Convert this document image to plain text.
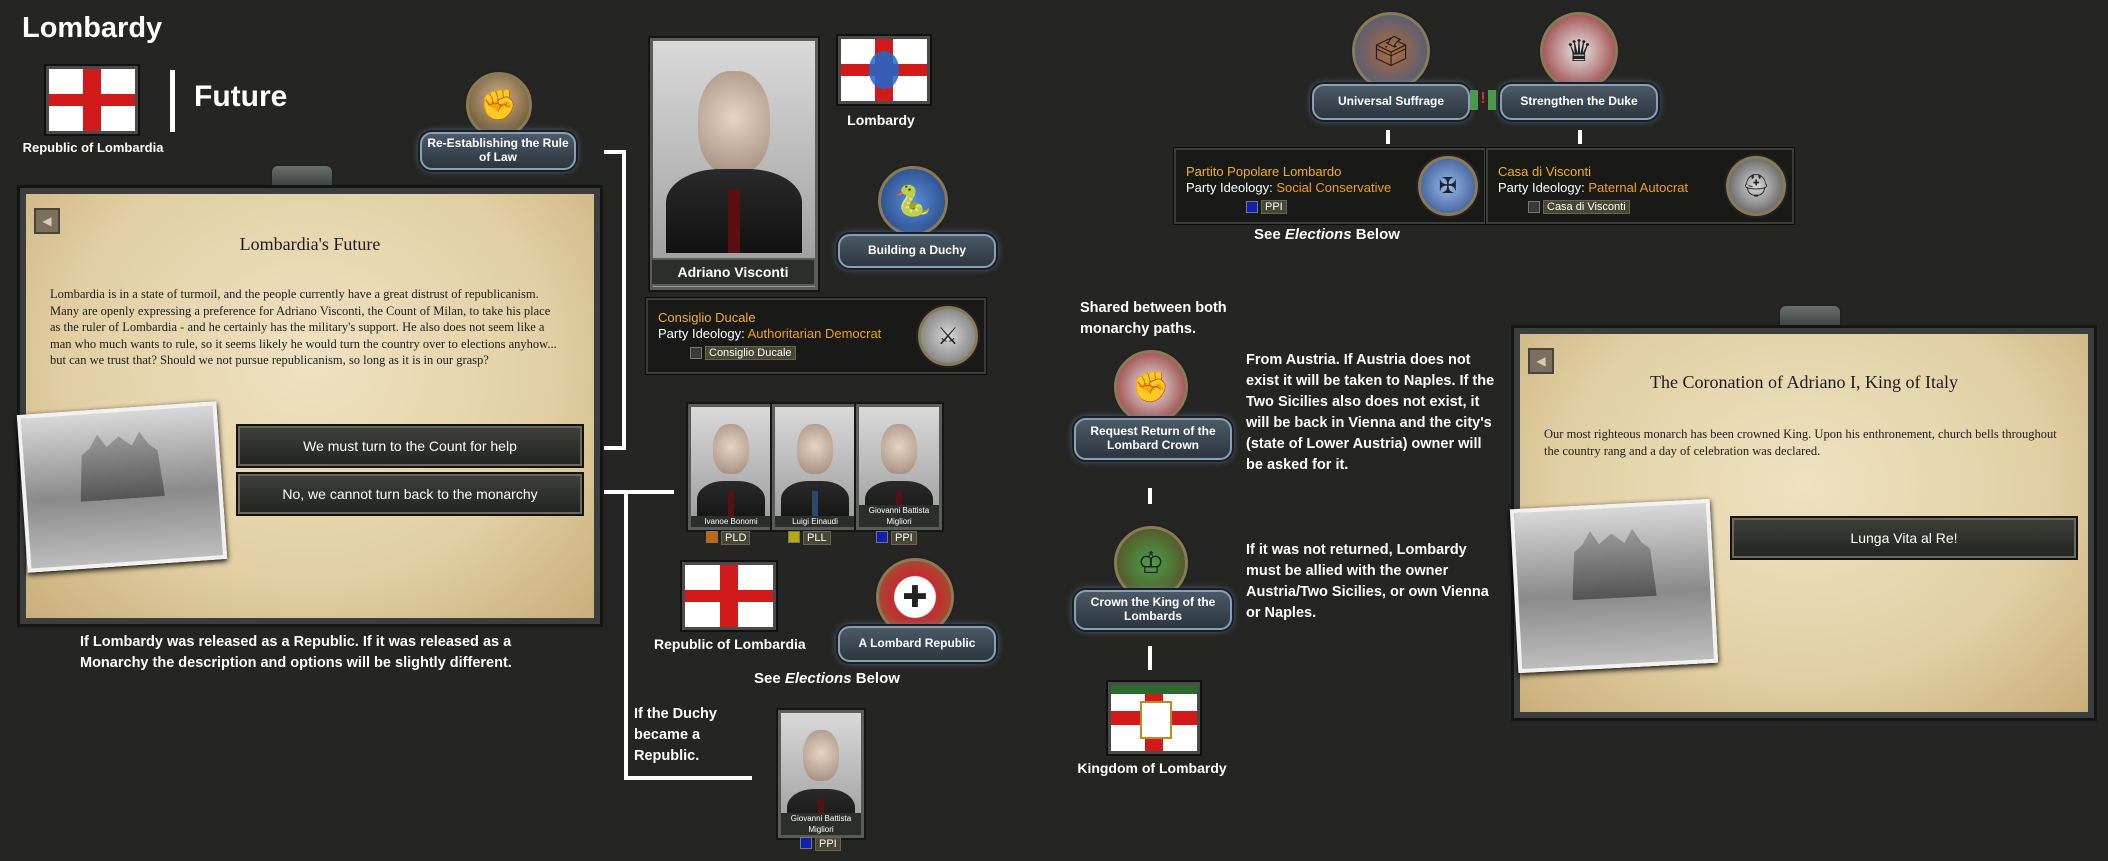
Lombardy
Republic of Lombardia
Future	✊
Re-Establishing the Rule of Law
◀
Lombardia's Future
Lombardia is in a state of turmoil, and the people currently have a great distrust of republicanism. Many are openly expressing a preference for Adriano Visconti, the Count of Milan, to take his place as the ruler of Lombardia - and he certainly has the military's support. He also does not seem like a man who much wants to rule, so it seems likely he would turn the country over to elections anyhow... but can we trust that? Should we not pursue republicanism, so long as it is in our grasp?
We must turn to the Count for help
No, we cannot turn back to the monarchy
If Lombardy was released as a Republic. If it was released as a Monarchy the description and options will be slightly different.
Adriano Visconti
Lombardy
🐍
Building a Duchy
Consiglio Ducale
Party Ideology: Authoritarian Democrat
Consiglio Ducale
⚔
Ivanoe Bonomi	Luigi Einaudi
Giovanni Battista Migliori
PLD	PLL	PPI
Republic of Lombardia
✚
A Lombard Republic
See Elections Below
If the Duchy became a Republic.
Giovanni Battista Migliori
PPI
🗳
Universal Suffrage	!
♛
Strengthen the Duke
Partito Popolare Lombardo
Party Ideology: Social Conservative
PPI
✠
Casa di Visconti
Party Ideology: Paternal Autocrat
Casa di Visconti
⛑
See Elections Below
Shared between both monarchy paths.
✊
Request Return of the Lombard Crown
♔
Crown the King of the Lombards
Kingdom of Lombardy
From Austria. If Austria does not exist it will be taken to Naples. If the Two Sicilies also does not exist, it will be back in Vienna and the city's (state of Lower Austria) owner will be asked for it.
If it was not returned, Lombardy must be allied with the owner Austria/Two Sicilies, or own Vienna or Naples.
◀
The Coronation of Adriano I, King of Italy
Our most righteous monarch has been crowned King. Upon his enthronement, church bells throughout the country rang and a day of celebration was declared.
Lunga Vita al Re!
